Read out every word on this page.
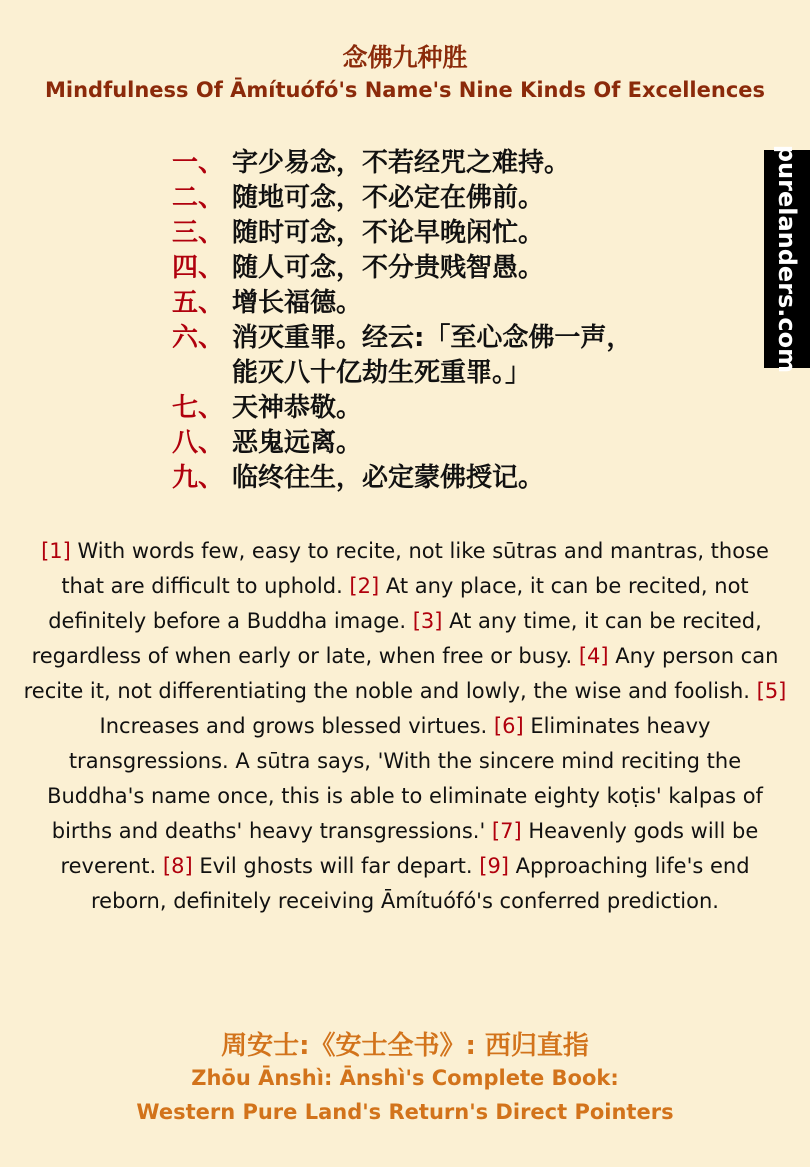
purelanders.com
念佛九种胜
Mindfulness Of Āmítuófó's Name's Nine Kinds Of Excellences
一、 字少易念，不若经咒之难持。
二、 随地可念，不必定在佛前。
三、 随时可念，不论早晚闲忙。
四、 随人可念，不分贵贱智愚。
五、 增长福德。
六、 消灭重罪。经云:「至心念佛一声，
能灭八十亿劫生死重罪。」
七、 天神恭敬。
八、 恶鬼远离。
九、 临终往生，必定蒙佛授记。
[1] With words few, easy to recite, not like sūtras and mantras, those that are difficult to uphold. [2] At any place, it can be recited, not definitely before a Buddha image. [3] At any time, it can be recited, regardless of when early or late, when free or busy. [4] Any person can recite it, not differentiating the noble and lowly, the wise and foolish. [5] Increases and grows blessed virtues. [6] Eliminates heavy transgressions. A sūtra says, 'With the sincere mind reciting the Buddha's name once, this is able to eliminate eighty koṭis' kalpas of births and deaths' heavy transgressions.' [7] Heavenly gods will be reverent. [8] Evil ghosts will far depart. [9] Approaching life's end reborn, definitely receiving Āmítuófó's conferred prediction.
周安士:《安士全书》: 西归直指
Zhōu Ānshì: Ānshì's Complete Book:
Western Pure Land's Return's Direct Pointers
